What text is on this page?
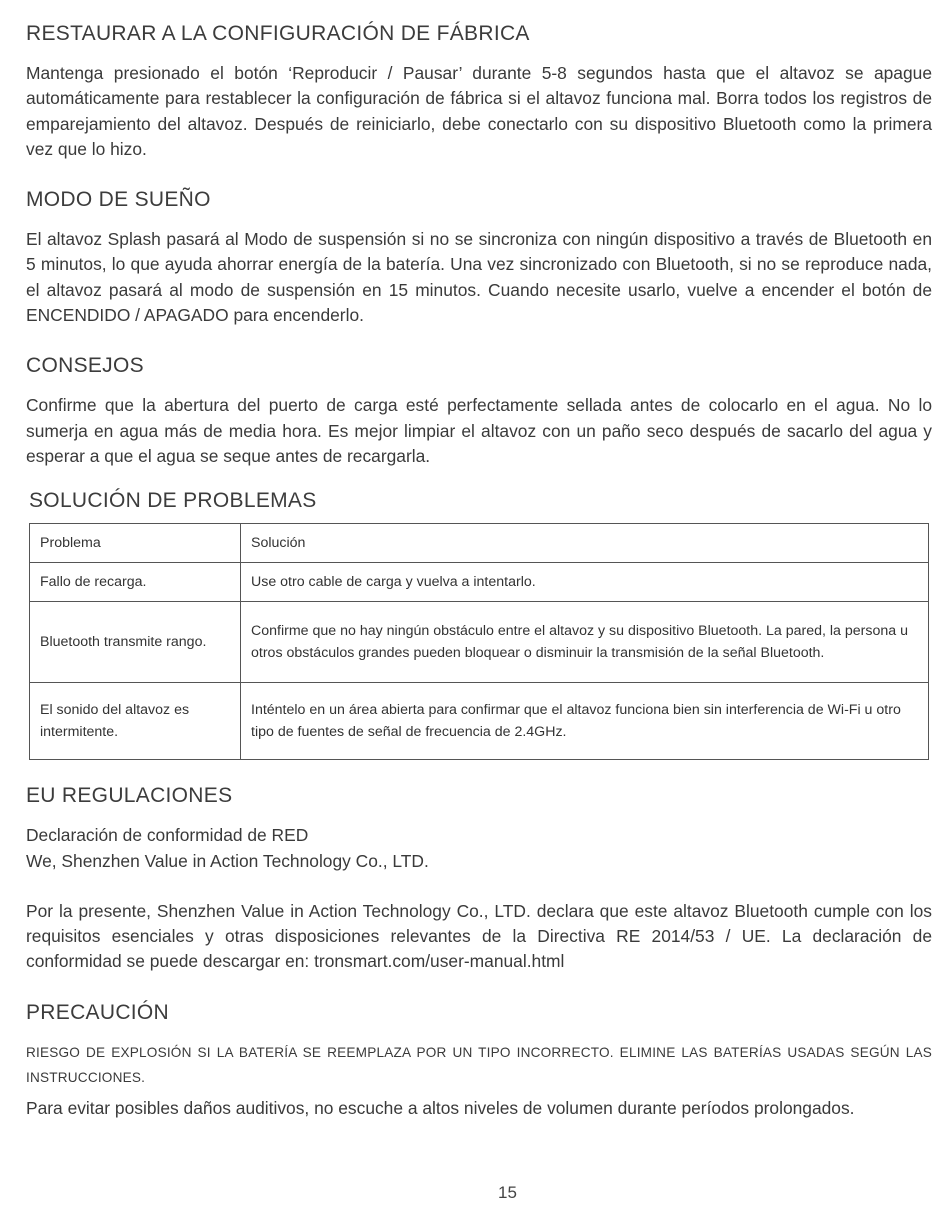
RESTAURAR A LA CONFIGURACIÓN DE FÁBRICA

Mantenga presionado el botón ‘Reproducir / Pausar’ durante 5-8 segundos hasta que el altavoz se apague automáticamente para restablecer la configuración de fábrica si el altavoz funciona mal. Borra todos los registros de emparejamiento del altavoz. Después de reiniciarlo, debe conectarlo con su dispositivo Bluetooth como la primera vez que lo hizo.

MODO DE SUEÑO

El altavoz Splash pasará al Modo de suspensión si no se sincroniza con ningún dispositivo a través de Bluetooth en 5 minutos, lo que ayuda ahorrar energía de la batería. Una vez sincronizado con Bluetooth, si no se reproduce nada, el altavoz pasará al modo de suspensión en 15 minutos. Cuando necesite usarlo, vuelve a encender el botón de ENCENDIDO / APAGADO para encenderlo.

CONSEJOS

Confirme que la abertura del puerto de carga esté perfectamente sellada antes de colocarlo en el agua. No lo sumerja en agua más de media hora. Es mejor limpiar el altavoz con un paño seco después de sacarlo del agua y esperar a que el agua se seque antes de recargarla.

SOLUCIÓN DE PROBLEMAS
Problema	Solución
Fallo de recarga.	Use otro cable de carga y vuelva a intentarlo.
Bluetooth transmite rango.	Confirme que no hay ningún obstáculo entre el altavoz y su dispositivo Bluetooth. La pared, la persona u otros obstáculos grandes pueden bloquear o disminuir la transmisión de la señal Bluetooth.
El sonido del altavoz es intermitente.	Inténtelo en un área abierta para confirmar que el altavoz funciona bien sin interferencia de Wi-Fi u otro tipo de fuentes de señal de frecuencia de 2.4GHz.
EU REGULACIONES

Declaración de conformidad de RED

We, Shenzhen Value in Action Technology Co., LTD.

Por la presente, Shenzhen Value in Action Technology Co., LTD. declara que este altavoz Bluetooth cumple con los requisitos esenciales y otras disposiciones relevantes de la Directiva RE 2014/53 / UE. La declaración de conformidad se puede descargar en: tronsmart.com/user-manual.html

PRECAUCIÓN

RIESGO DE EXPLOSIÓN SI LA BATERÍA SE REEMPLAZA POR UN TIPO INCORRECTO. ELIMINE LAS BATERÍAS USADAS SEGÚN LAS INSTRUCCIONES.

Para evitar posibles daños auditivos, no escuche a altos niveles de volumen durante períodos prolongados.

15
